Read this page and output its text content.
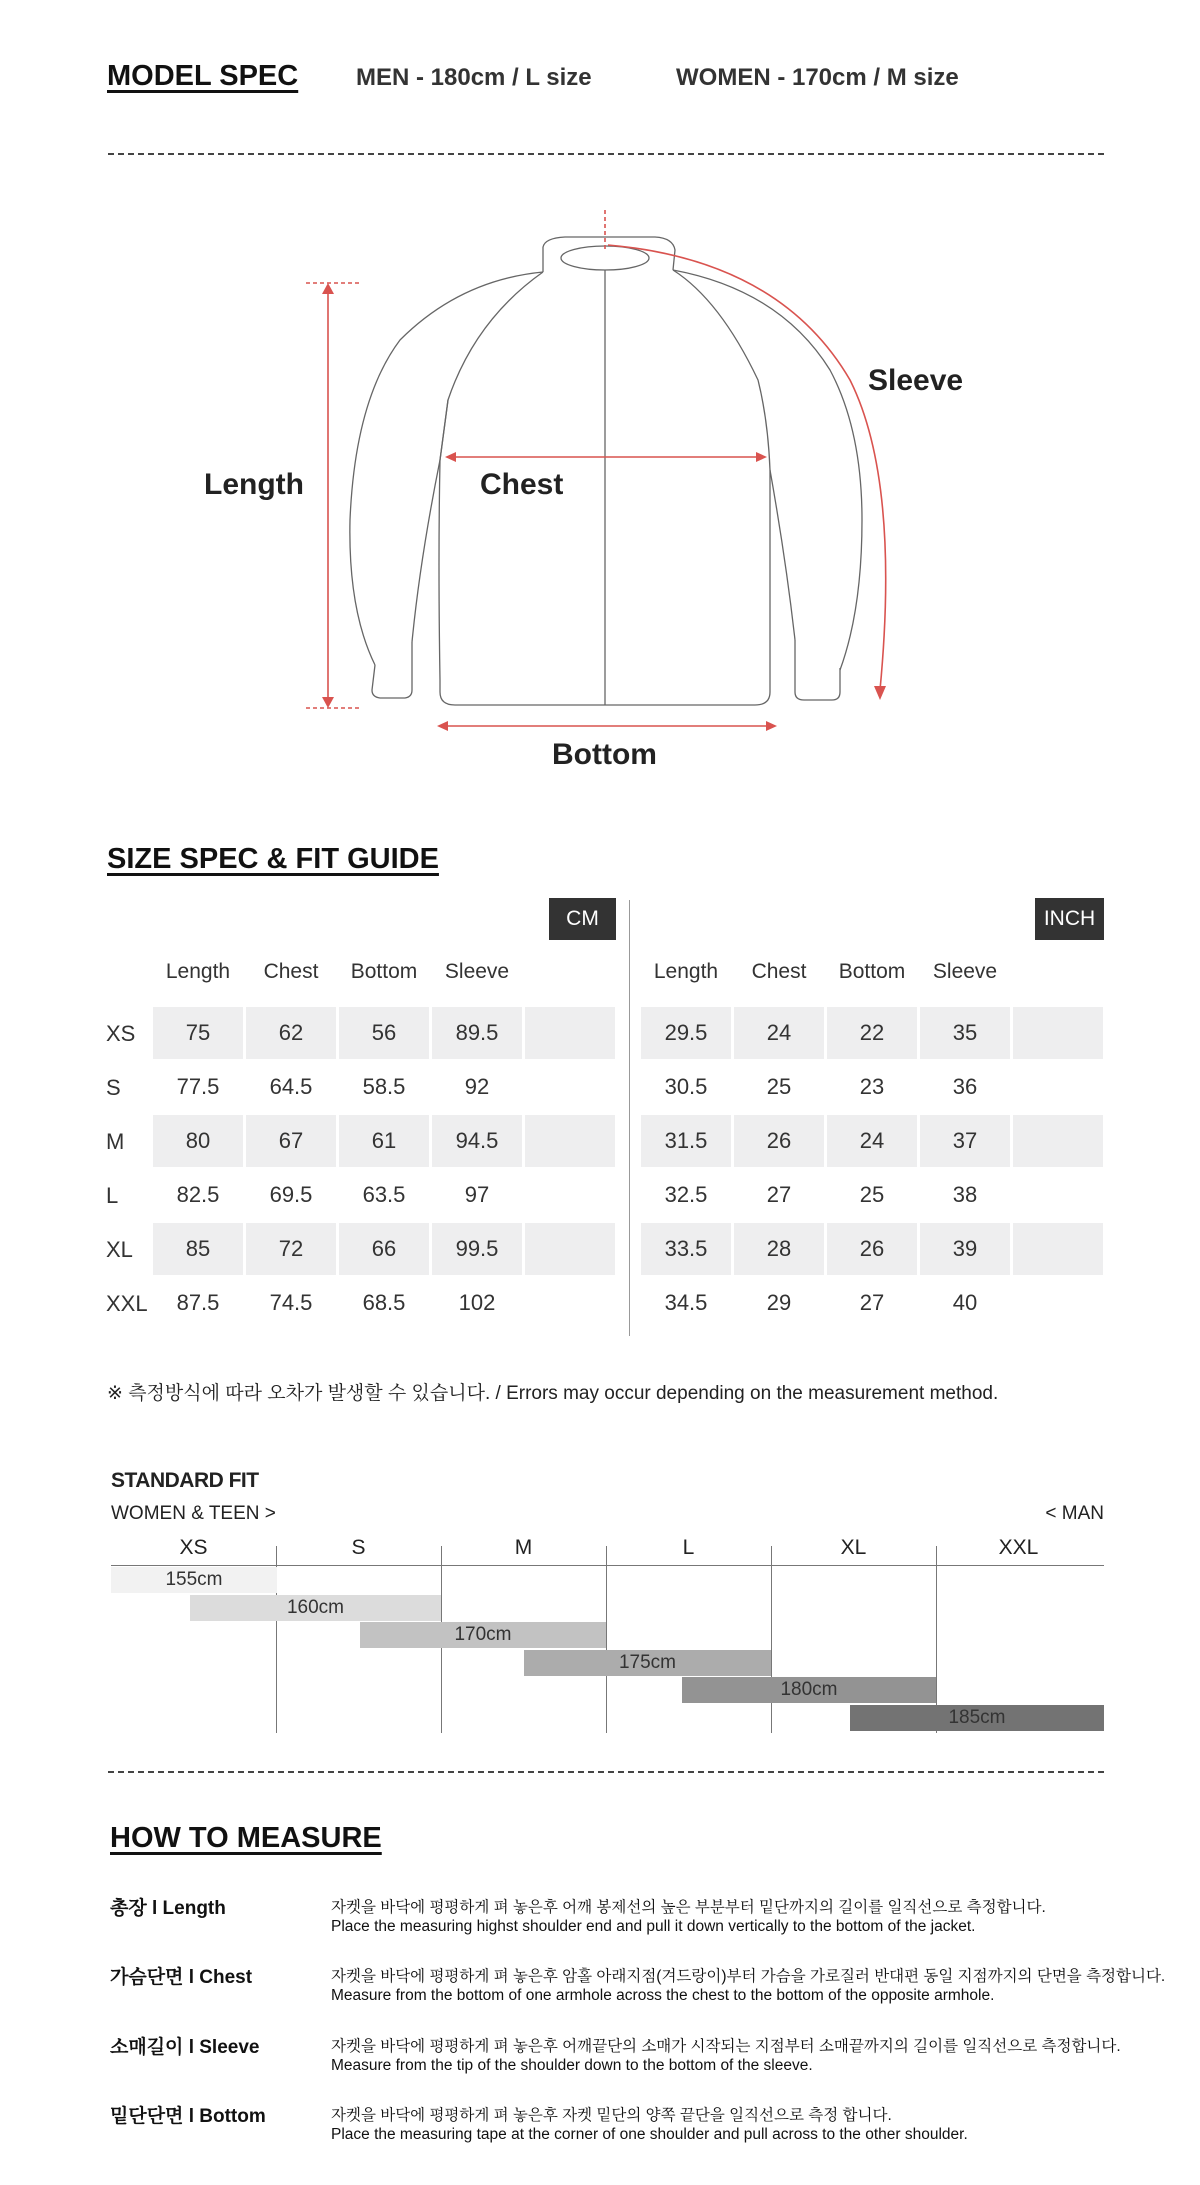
MODEL SPEC MEN - 180cm / L size	WOMEN - 170cm / M size
Length	Chest
Sleeve
Bottom
SIZE SPEC & FIT GUIDE
CM	INCH
Length	Chest	Bottom	Sleeve
XS	75	62	56	89.5
S	77.5	64.5	58.5	92
M	80	67	61	94.5
L	82.5	69.5	63.5	97
XL	85	72	66	99.5
XXL	87.5	74.5	68.5	102
Length	Chest	Bottom	Sleeve
29.5	24	22	35
30.5	25	23	36
31.5	26	24	37
32.5	27	25	38
33.5	28	26	39
34.5	29	27	40
※ 측정방식에 따라 오차가 발생할 수 있습니다. / Errors may occur depending on the measurement method.
STANDARD FIT
WOMEN & TEEN >	< MAN
XS	S	M	L	XL	XXL
155cm
160cm
170cm
175cm
180cm
185cm
HOW TO MEASURE
총장 l Length	자켓을 바닥에 평평하게 펴 놓은후 어깨 봉제선의 높은 부분부터 밑단까지의 길이를 일직선으로 측정합니다.
Place the measuring highst shoulder end and pull it down vertically to the bottom of the jacket.
가슴단면 l Chest	자켓을 바닥에 평평하게 펴 놓은후 암홀 아래지점(겨드랑이)부터 가슴을 가로질러 반대편 동일 지점까지의 단면을 측정합니다.
Measure from the bottom of one armhole across the chest to the bottom of the opposite armhole.
소매길이 l Sleeve	자켓을 바닥에 평평하게 펴 놓은후 어깨끝단의 소매가 시작되는 지점부터 소매끝까지의 길이를 일직선으로 측정합니다.
Measure from the tip of the shoulder down to the bottom of the sleeve.
밑단단면 l Bottom	자켓을 바닥에 평평하게 펴 놓은후 자켓 밑단의 양쪽 끝단을 일직선으로 측정 합니다.
Place the measuring tape at the corner of one shoulder and pull across to the other shoulder.
